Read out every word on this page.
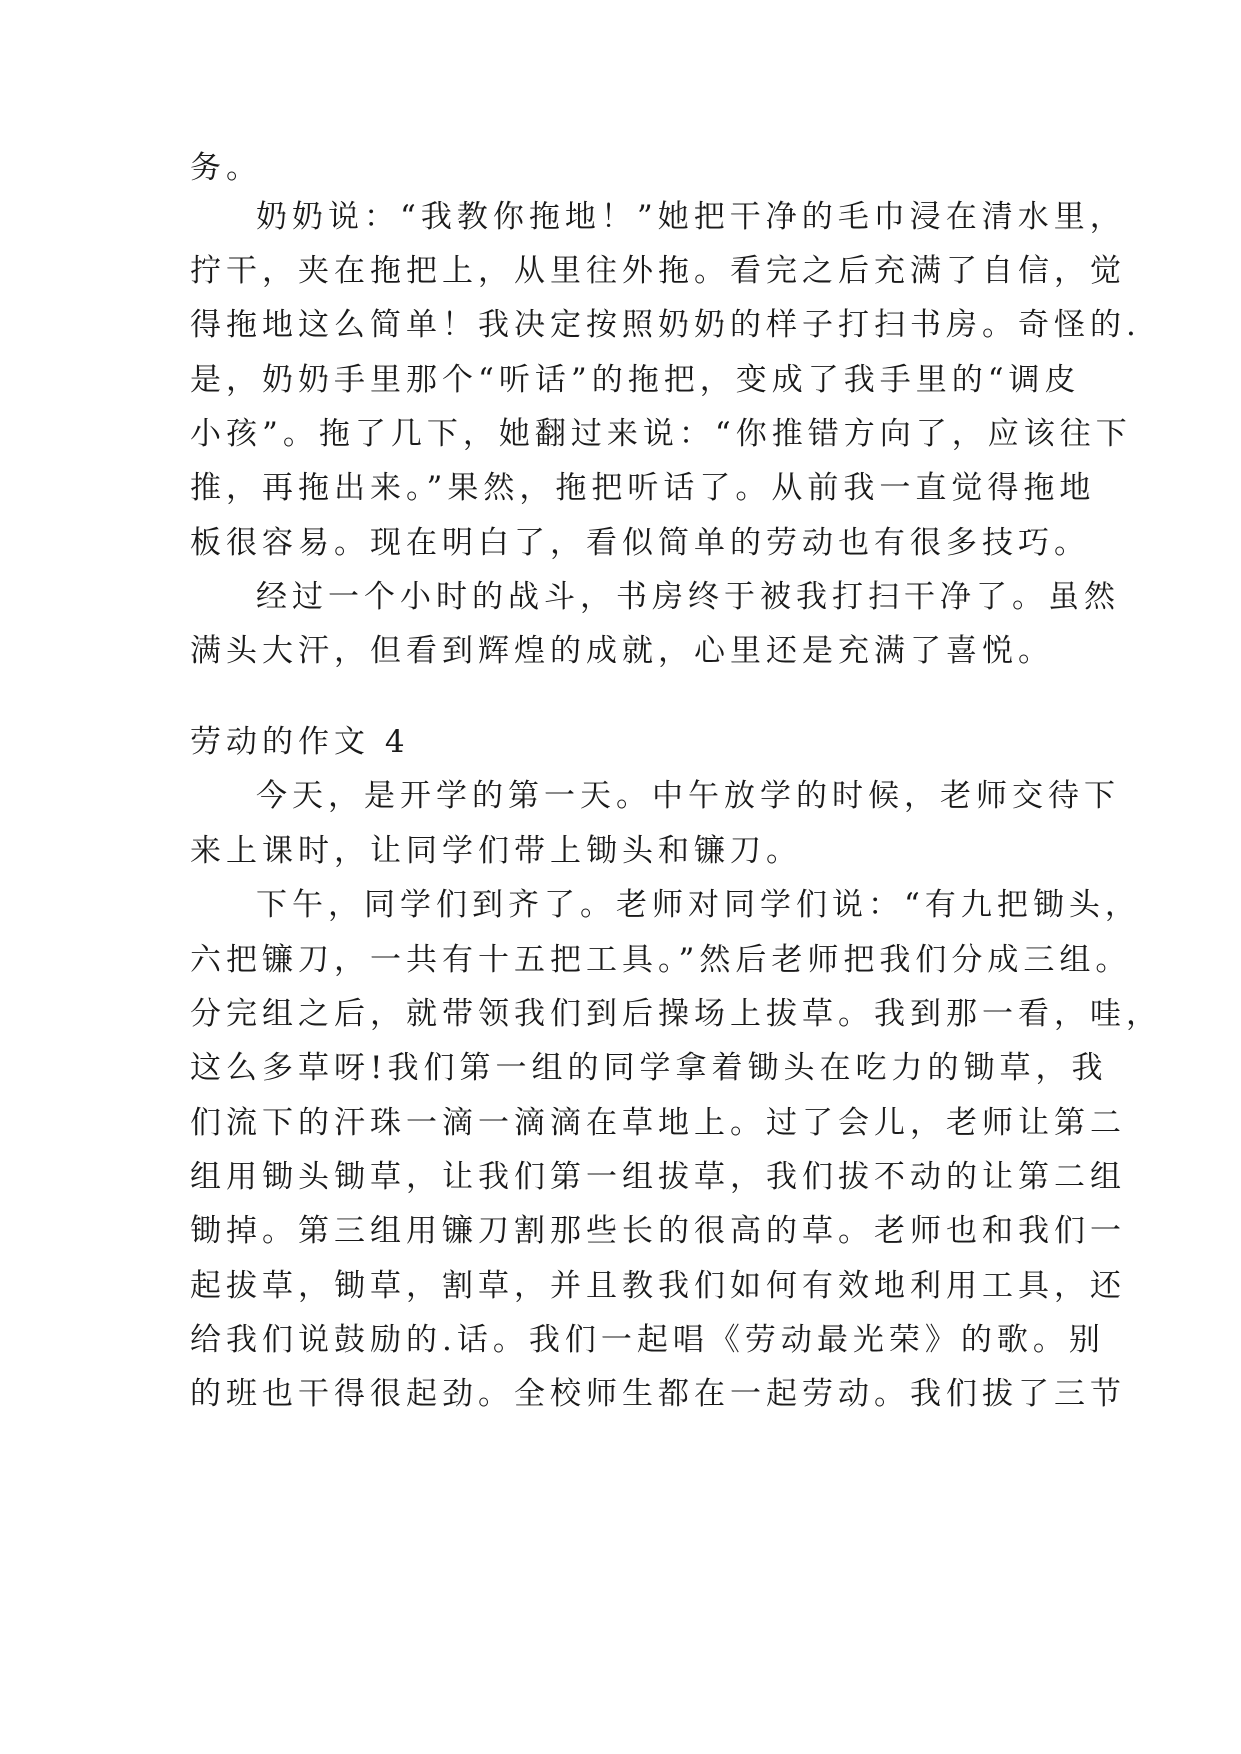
务。
奶奶说：“我教你拖地！”她把干净的毛巾浸在清水里，
拧干，夹在拖把上，从里往外拖。看完之后充满了自信，觉
得拖地这么简单！我决定按照奶奶的样子打扫书房。奇怪的.
是，奶奶手里那个“听话”的拖把，变成了我手里的“调皮
小孩”。拖了几下，她翻过来说：“你推错方向了，应该往下
推，再拖出来。”果然，拖把听话了。从前我一直觉得拖地
板很容易。现在明白了，看似简单的劳动也有很多技巧。
经过一个小时的战斗，书房终于被我打扫干净了。虽然
满头大汗，但看到辉煌的成就，心里还是充满了喜悦。
劳动的作文 4
今天，是开学的第一天。中午放学的时候，老师交待下
来上课时，让同学们带上锄头和镰刀。
下午，同学们到齐了。老师对同学们说：“有九把锄头，
六把镰刀，一共有十五把工具。”然后老师把我们分成三组。
分完组之后，就带领我们到后操场上拔草。我到那一看，哇，
这么多草呀!我们第一组的同学拿着锄头在吃力的锄草，我
们流下的汗珠一滴一滴滴在草地上。过了会儿，老师让第二
组用锄头锄草，让我们第一组拔草，我们拔不动的让第二组
锄掉。第三组用镰刀割那些长的很高的草。老师也和我们一
起拔草，锄草，割草，并且教我们如何有效地利用工具，还
给我们说鼓励的.话。我们一起唱《劳动最光荣》的歌。别
的班也干得很起劲。全校师生都在一起劳动。我们拔了三节
